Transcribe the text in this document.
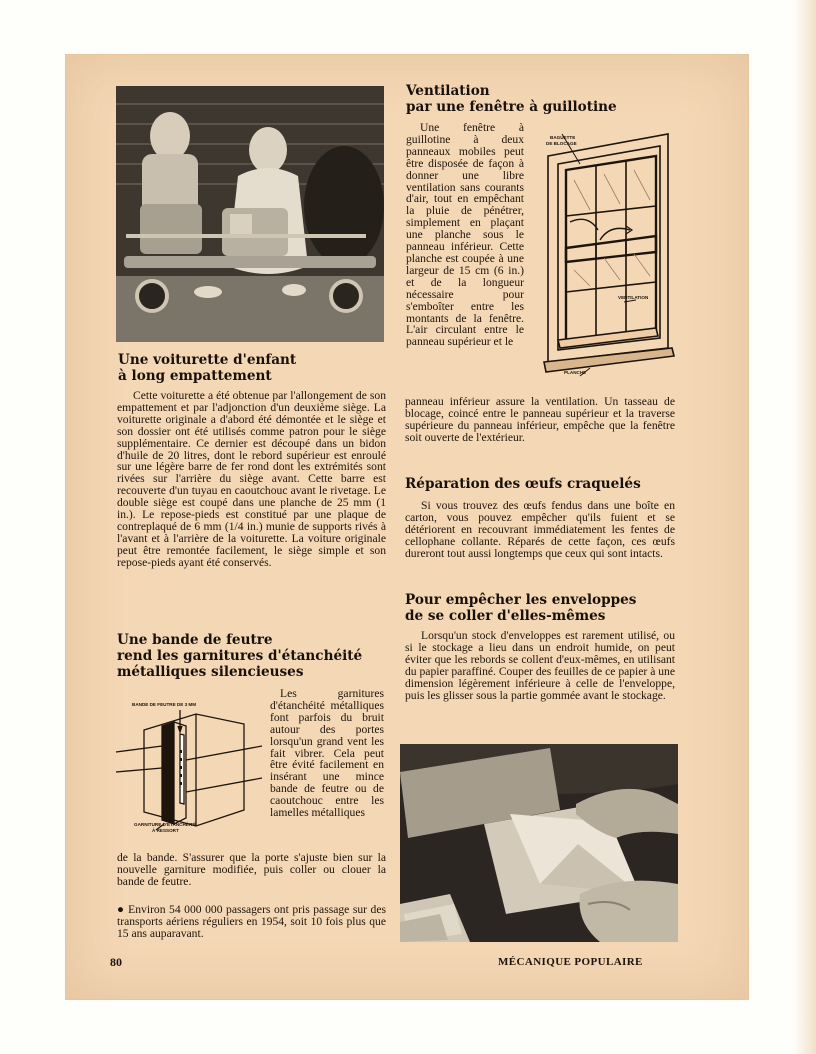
Une voiturette d'enfant
à long empattement

Cette voiturette a été obtenue par l'allongement de son empattement et par l'adjonction d'un deuxième siège. La voiturette originale a d'abord été démontée et le siège et son dossier ont été utilisés comme patron pour le siège supplémentaire. Ce dernier est découpé dans un bidon d'huile de 20 litres, dont le rebord supérieur est enroulé sur une légère barre de fer rond dont les extrémités sont rivées sur l'arrière du siège avant. Cette barre est recouverte d'un tuyau en caoutchouc avant le rivetage. Le double siège est coupé dans une planche de 25 mm (1 in.). Le repose-pieds est constitué par une plaque de contreplaqué de 6 mm (1/4 in.) munie de supports rivés à l'avant et à l'arrière de la voiturette. La voiture originale peut être remontée facilement, le siège simple et son repose-pieds ayant été conservés.

Une bande de feutre
rend les garnitures d'étanchéité
métalliques silencieuses
BANDE DE FEUTRE DE 3 MM
GARNITURE D'ÉTANCHÉITÉ
À RESSORT

Les garnitures d'étanchéité métalliques font parfois du bruit autour des portes lorsqu'un grand vent les fait vibrer. Cela peut être évité facilement en insérant une mince bande de feutre ou de caoutchouc entre les lamelles métalliques

de la bande. S'assurer que la porte s'ajuste bien sur la nouvelle garniture modifiée, puis coller ou clouer la bande de feutre.

● Environ 54 000 000 passagers ont pris passage sur des transports aériens réguliers en 1954, soit 10 fois plus que 15 ans auparavant.

Ventilation
par une fenêtre à guillotine

Une fenêtre à guillotine à deux panneaux mobiles peut être disposée de façon à donner une libre ventilation sans courants d'air, tout en empêchant la pluie de pénétrer, simplement en plaçant une planche sous le panneau inférieur. Cette planche est coupée à une largeur de 15 cm (6 in.) et de la longueur nécessaire pour s'emboîter entre les montants de la fenêtre. L'air circulant entre le panneau supérieur et le

BAGUETTE
DE BLOCAGE
VENTILATION
PLANCHE

panneau inférieur assure la ventilation. Un tasseau de blocage, coincé entre le panneau supérieur et la traverse supérieure du panneau inférieur, empêche que la fenêtre soit ouverte de l'extérieur.

Réparation des œufs craquelés

Si vous trouvez des œufs fendus dans une boîte en carton, vous pouvez empêcher qu'ils fuient et se détériorent en recouvrant immédiatement les fentes de cellophane collante. Réparés de cette façon, ces œufs dureront tout aussi longtemps que ceux qui sont intacts.

Pour empêcher les enveloppes
de se coller d'elles-mêmes

Lorsqu'un stock d'enveloppes est rarement utilisé, ou si le stockage a lieu dans un endroit humide, on peut éviter que les rebords se collent d'eux-mêmes, en utilisant du papier paraffiné. Couper des feuilles de ce papier à une dimension légèrement inférieure à celle de l'enveloppe, puis les glisser sous la partie gommée avant le stockage.

80	MÉCANIQUE POPULAIRE
